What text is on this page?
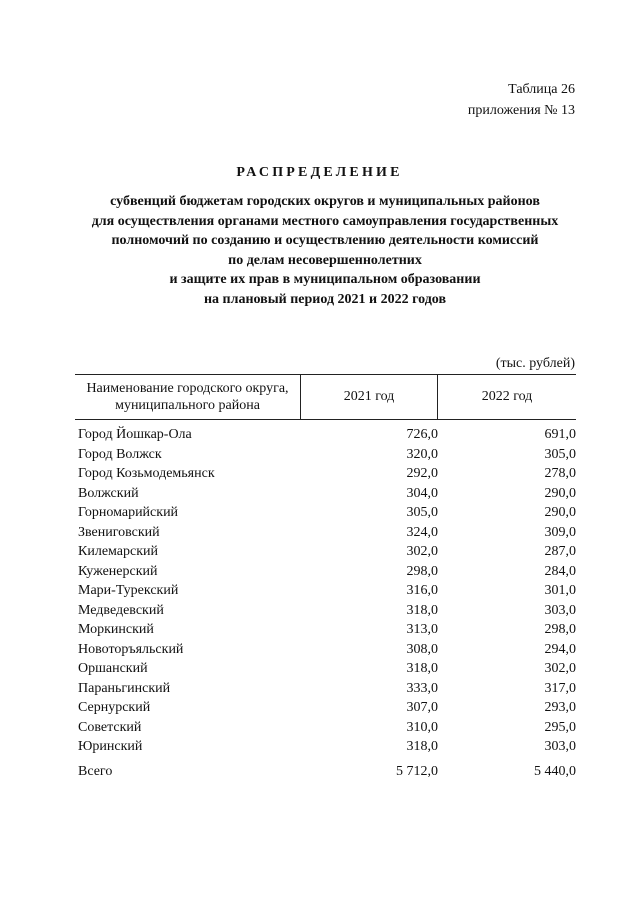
Таблица 26
приложения № 13
РАСПРЕДЕЛЕНИЕ
субвенций бюджетам городских округов и муниципальных районов
для осуществления органами местного самоуправления государственных
полномочий по созданию и осуществлению деятельности комиссий
по делам несовершеннолетних
и защите их прав в муниципальном образовании
на плановый период 2021 и 2022 годов
(тыс. рублей)
Наименование городского округа,
муниципального района
2021 год	2022 год
Город Йошкар-Ола	726,0	691,0
Город Волжск	320,0	305,0
Город Козьмодемьянск	292,0	278,0
Волжский	304,0	290,0
Горномарийский	305,0	290,0
Звениговский	324,0	309,0
Килемарский	302,0	287,0
Куженерский	298,0	284,0
Мари-Турекский	316,0	301,0
Медведевский	318,0	303,0
Моркинский	313,0	298,0
Новоторъяльский	308,0	294,0
Оршанский	318,0	302,0
Параньгинский	333,0	317,0
Сернурский	307,0	293,0
Советский	310,0	295,0
Юринский	318,0	303,0
Всего	5 712,0	5 440,0
